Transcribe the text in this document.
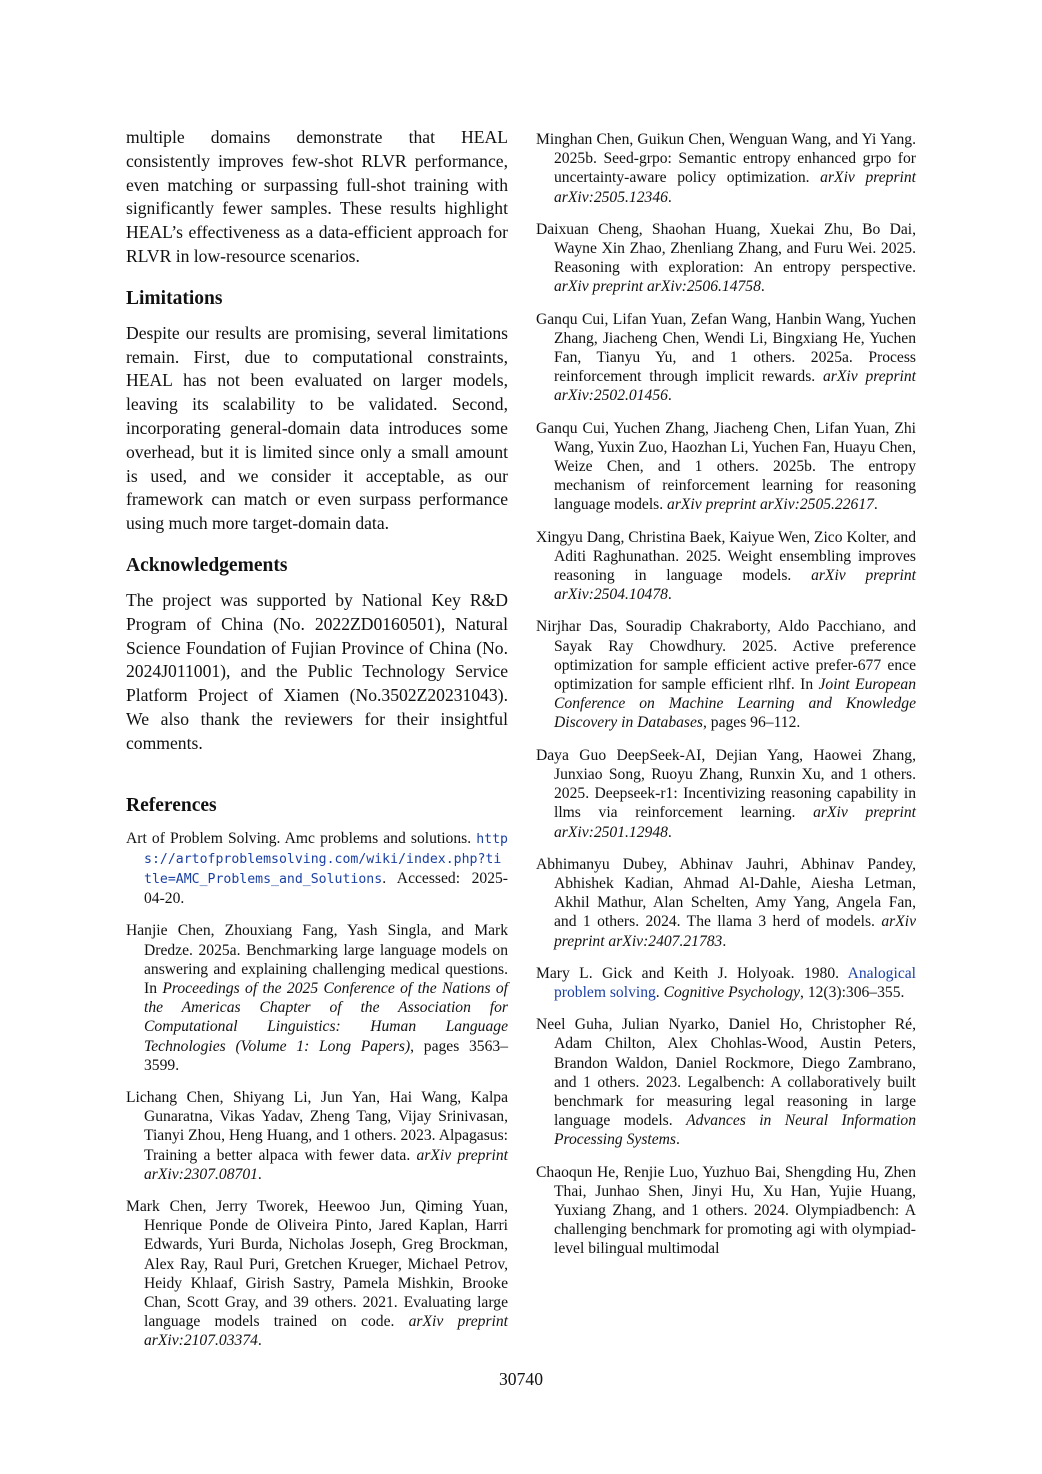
multiple domains demonstrate that HEAL consistently improves few-shot RLVR performance, even matching or surpassing full-shot training with significantly fewer samples. These results highlight HEAL’s effectiveness as a data-efficient approach for RLVR in low-resource scenarios.

Limitations

Despite our results are promising, several limitations remain. First, due to computational constraints, HEAL has not been evaluated on larger models, leaving its scalability to be validated. Second, incorporating general-domain data introduces some overhead, but it is limited since only a small amount is used, and we consider it acceptable, as our framework can match or even surpass performance using much more target-domain data.

Acknowledgements

The project was supported by National Key R&D Program of China (No. 2022ZD0160501), Natural Science Foundation of Fujian Province of China (No. 2024J011001), and the Public Technology Service Platform Project of Xiamen (No.3502Z20231043). We also thank the reviewers for their insightful comments.

References

Art of Problem Solving. Amc problems and solutions. https://artofproblemsolving.com/wiki/index.php?title=AMC_Problems_and_Solutions. Accessed: 2025-04-20.

Hanjie Chen, Zhouxiang Fang, Yash Singla, and Mark Dredze. 2025a. Benchmarking large language models on answering and explaining challenging medical questions. In Proceedings of the 2025 Conference of the Nations of the Americas Chapter of the Association for Computational Linguistics: Human Language Technologies (Volume 1: Long Papers), pages 3563–3599.

Lichang Chen, Shiyang Li, Jun Yan, Hai Wang, Kalpa Gunaratna, Vikas Yadav, Zheng Tang, Vijay Srinivasan, Tianyi Zhou, Heng Huang, and 1 others. 2023. Alpagasus: Training a better alpaca with fewer data. arXiv preprint arXiv:2307.08701.

Mark Chen, Jerry Tworek, Heewoo Jun, Qiming Yuan, Henrique Ponde de Oliveira Pinto, Jared Kaplan, Harri Edwards, Yuri Burda, Nicholas Joseph, Greg Brockman, Alex Ray, Raul Puri, Gretchen Krueger, Michael Petrov, Heidy Khlaaf, Girish Sastry, Pamela Mishkin, Brooke Chan, Scott Gray, and 39 others. 2021. Evaluating large language models trained on code. arXiv preprint arXiv:2107.03374.

Minghan Chen, Guikun Chen, Wenguan Wang, and Yi Yang. 2025b. Seed-grpo: Semantic entropy enhanced grpo for uncertainty-aware policy optimization. arXiv preprint arXiv:2505.12346.

Daixuan Cheng, Shaohan Huang, Xuekai Zhu, Bo Dai, Wayne Xin Zhao, Zhenliang Zhang, and Furu Wei. 2025. Reasoning with exploration: An entropy perspective. arXiv preprint arXiv:2506.14758.

Ganqu Cui, Lifan Yuan, Zefan Wang, Hanbin Wang, Yuchen Zhang, Jiacheng Chen, Wendi Li, Bingxiang He, Yuchen Fan, Tianyu Yu, and 1 others. 2025a. Process reinforcement through implicit rewards. arXiv preprint arXiv:2502.01456.

Ganqu Cui, Yuchen Zhang, Jiacheng Chen, Lifan Yuan, Zhi Wang, Yuxin Zuo, Haozhan Li, Yuchen Fan, Huayu Chen, Weize Chen, and 1 others. 2025b. The entropy mechanism of reinforcement learning for reasoning language models. arXiv preprint arXiv:2505.22617.

Xingyu Dang, Christina Baek, Kaiyue Wen, Zico Kolter, and Aditi Raghunathan. 2025. Weight ensembling improves reasoning in language models. arXiv preprint arXiv:2504.10478.

Nirjhar Das, Souradip Chakraborty, Aldo Pacchiano, and Sayak Ray Chowdhury. 2025. Active preference optimization for sample efficient active prefer-677 ence optimization for sample efficient rlhf. In Joint European Conference on Machine Learning and Knowledge Discovery in Databases, pages 96–112.

Daya Guo DeepSeek-AI, Dejian Yang, Haowei Zhang, Junxiao Song, Ruoyu Zhang, Runxin Xu, and 1 others. 2025. Deepseek-r1: Incentivizing reasoning capability in llms via reinforcement learning. arXiv preprint arXiv:2501.12948.

Abhimanyu Dubey, Abhinav Jauhri, Abhinav Pandey, Abhishek Kadian, Ahmad Al-Dahle, Aiesha Letman, Akhil Mathur, Alan Schelten, Amy Yang, Angela Fan, and 1 others. 2024. The llama 3 herd of models. arXiv preprint arXiv:2407.21783.

Mary L. Gick and Keith J. Holyoak. 1980. Analogical problem solving. Cognitive Psychology, 12(3):306–355.

Neel Guha, Julian Nyarko, Daniel Ho, Christopher Ré, Adam Chilton, Alex Chohlas-Wood, Austin Peters, Brandon Waldon, Daniel Rockmore, Diego Zambrano, and 1 others. 2023. Legalbench: A collaboratively built benchmark for measuring legal reasoning in large language models. Advances in Neural Information Processing Systems.

Chaoqun He, Renjie Luo, Yuzhuo Bai, Shengding Hu, Zhen Thai, Junhao Shen, Jinyi Hu, Xu Han, Yujie Huang, Yuxiang Zhang, and 1 others. 2024. Olympiadbench: A challenging benchmark for promoting agi with olympiad-level bilingual multimodal

30740
